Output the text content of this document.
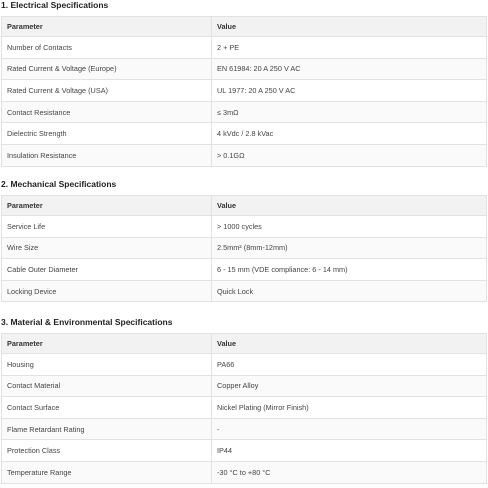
1. Electrical Specifications
Parameter	Value
Number of Contacts	2 + PE
Rated Current & Voltage (Europe)	EN 61984: 20 A 250 V AC
Rated Current & Voltage (USA)	UL 1977: 20 A 250 V AC
Contact Resistance	≤ 3mΩ
Dielectric Strength	4 kVdc / 2.8 kVac
Insulation Resistance	> 0.1GΩ
2. Mechanical Specifications
Parameter	Value
Service Life	> 1000 cycles
Wire Size	2.5mm² (8mm-12mm)
Cable Outer Diameter	6 - 15 mm (VDE compliance: 6 - 14 mm)
Locking Device	Quick Lock
3. Material & Environmental Specifications
Parameter	Value
Housing	PA66
Contact Material	Copper Alloy
Contact Surface	Nickel Plating (Mirror Finish)
Flame Retardant Rating	-
Protection Class	IP44
Temperature Range	-30 °C to +80 °C
